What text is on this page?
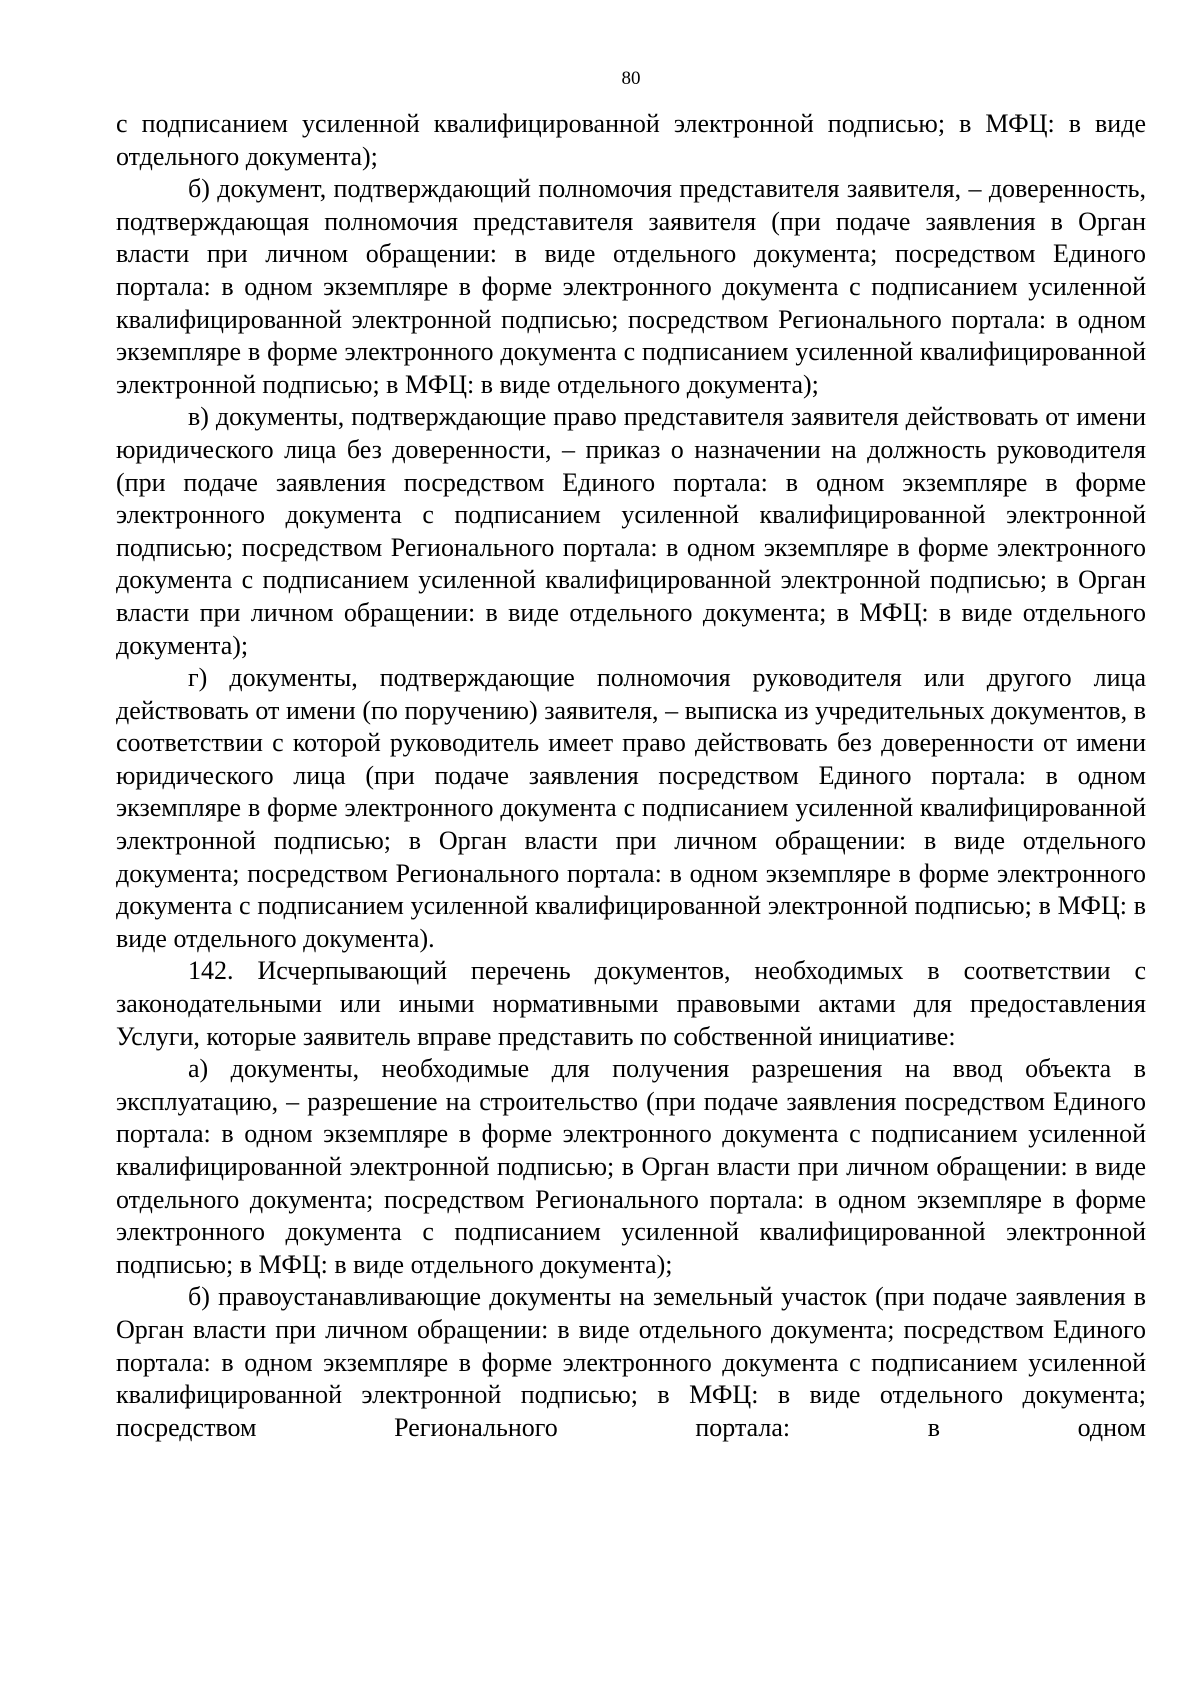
80

с подписанием усиленной квалифицированной электронной подписью; в МФЦ: в виде отдельного документа);

б) документ, подтверждающий полномочия представителя заявителя, – доверенность, подтверждающая полномочия представителя заявителя (при подаче заявления в Орган власти при личном обращении: в виде отдельного документа; посредством Единого портала: в одном экземпляре в форме электронного документа с подписанием усиленной квалифицированной электронной подписью; посредством Регионального портала: в одном экземпляре в форме электронного документа с подписанием усиленной квалифицированной электронной подписью; в МФЦ: в виде отдельного документа);

в) документы, подтверждающие право представителя заявителя действовать от имени юридического лица без доверенности, – приказ о назначении на должность руководителя (при подаче заявления посредством Единого портала: в одном экземпляре в форме электронного документа с подписанием усиленной квалифицированной электронной подписью; посредством Регионального портала: в одном экземпляре в форме электронного документа с подписанием усиленной квалифицированной электронной подписью; в Орган власти при личном обращении: в виде отдельного документа; в МФЦ: в виде отдельного документа);

г) документы, подтверждающие полномочия руководителя или другого лица действовать от имени (по поручению) заявителя, – выписка из учредительных документов, в соответствии с которой руководитель имеет право действовать без доверенности от имени юридического лица (при подаче заявления посредством Единого портала: в одном экземпляре в форме электронного документа с подписанием усиленной квалифицированной электронной подписью; в Орган власти при личном обращении: в виде отдельного документа; посредством Регионального портала: в одном экземпляре в форме электронного документа с подписанием усиленной квалифицированной электронной подписью; в МФЦ: в виде отдельного документа).

142. Исчерпывающий перечень документов, необходимых в соответствии с законодательными или иными нормативными правовыми актами для предоставления Услуги, которые заявитель вправе представить по собственной инициативе:

а) документы, необходимые для получения разрешения на ввод объекта в эксплуатацию, – разрешение на строительство (при подаче заявления посредством Единого портала: в одном экземпляре в форме электронного документа с подписанием усиленной квалифицированной электронной подписью; в Орган власти при личном обращении: в виде отдельного документа; посредством Регионального портала: в одном экземпляре в форме электронного документа с подписанием усиленной квалифицированной электронной подписью; в МФЦ: в виде отдельного документа);

б) правоустанавливающие документы на земельный участок (при подаче заявления в Орган власти при личном обращении: в виде отдельного документа; посредством Единого портала: в одном экземпляре в форме электронного документа с подписанием усиленной квалифицированной электронной подписью; в МФЦ: в виде отдельного документа; посредством Регионального портала: в одном
